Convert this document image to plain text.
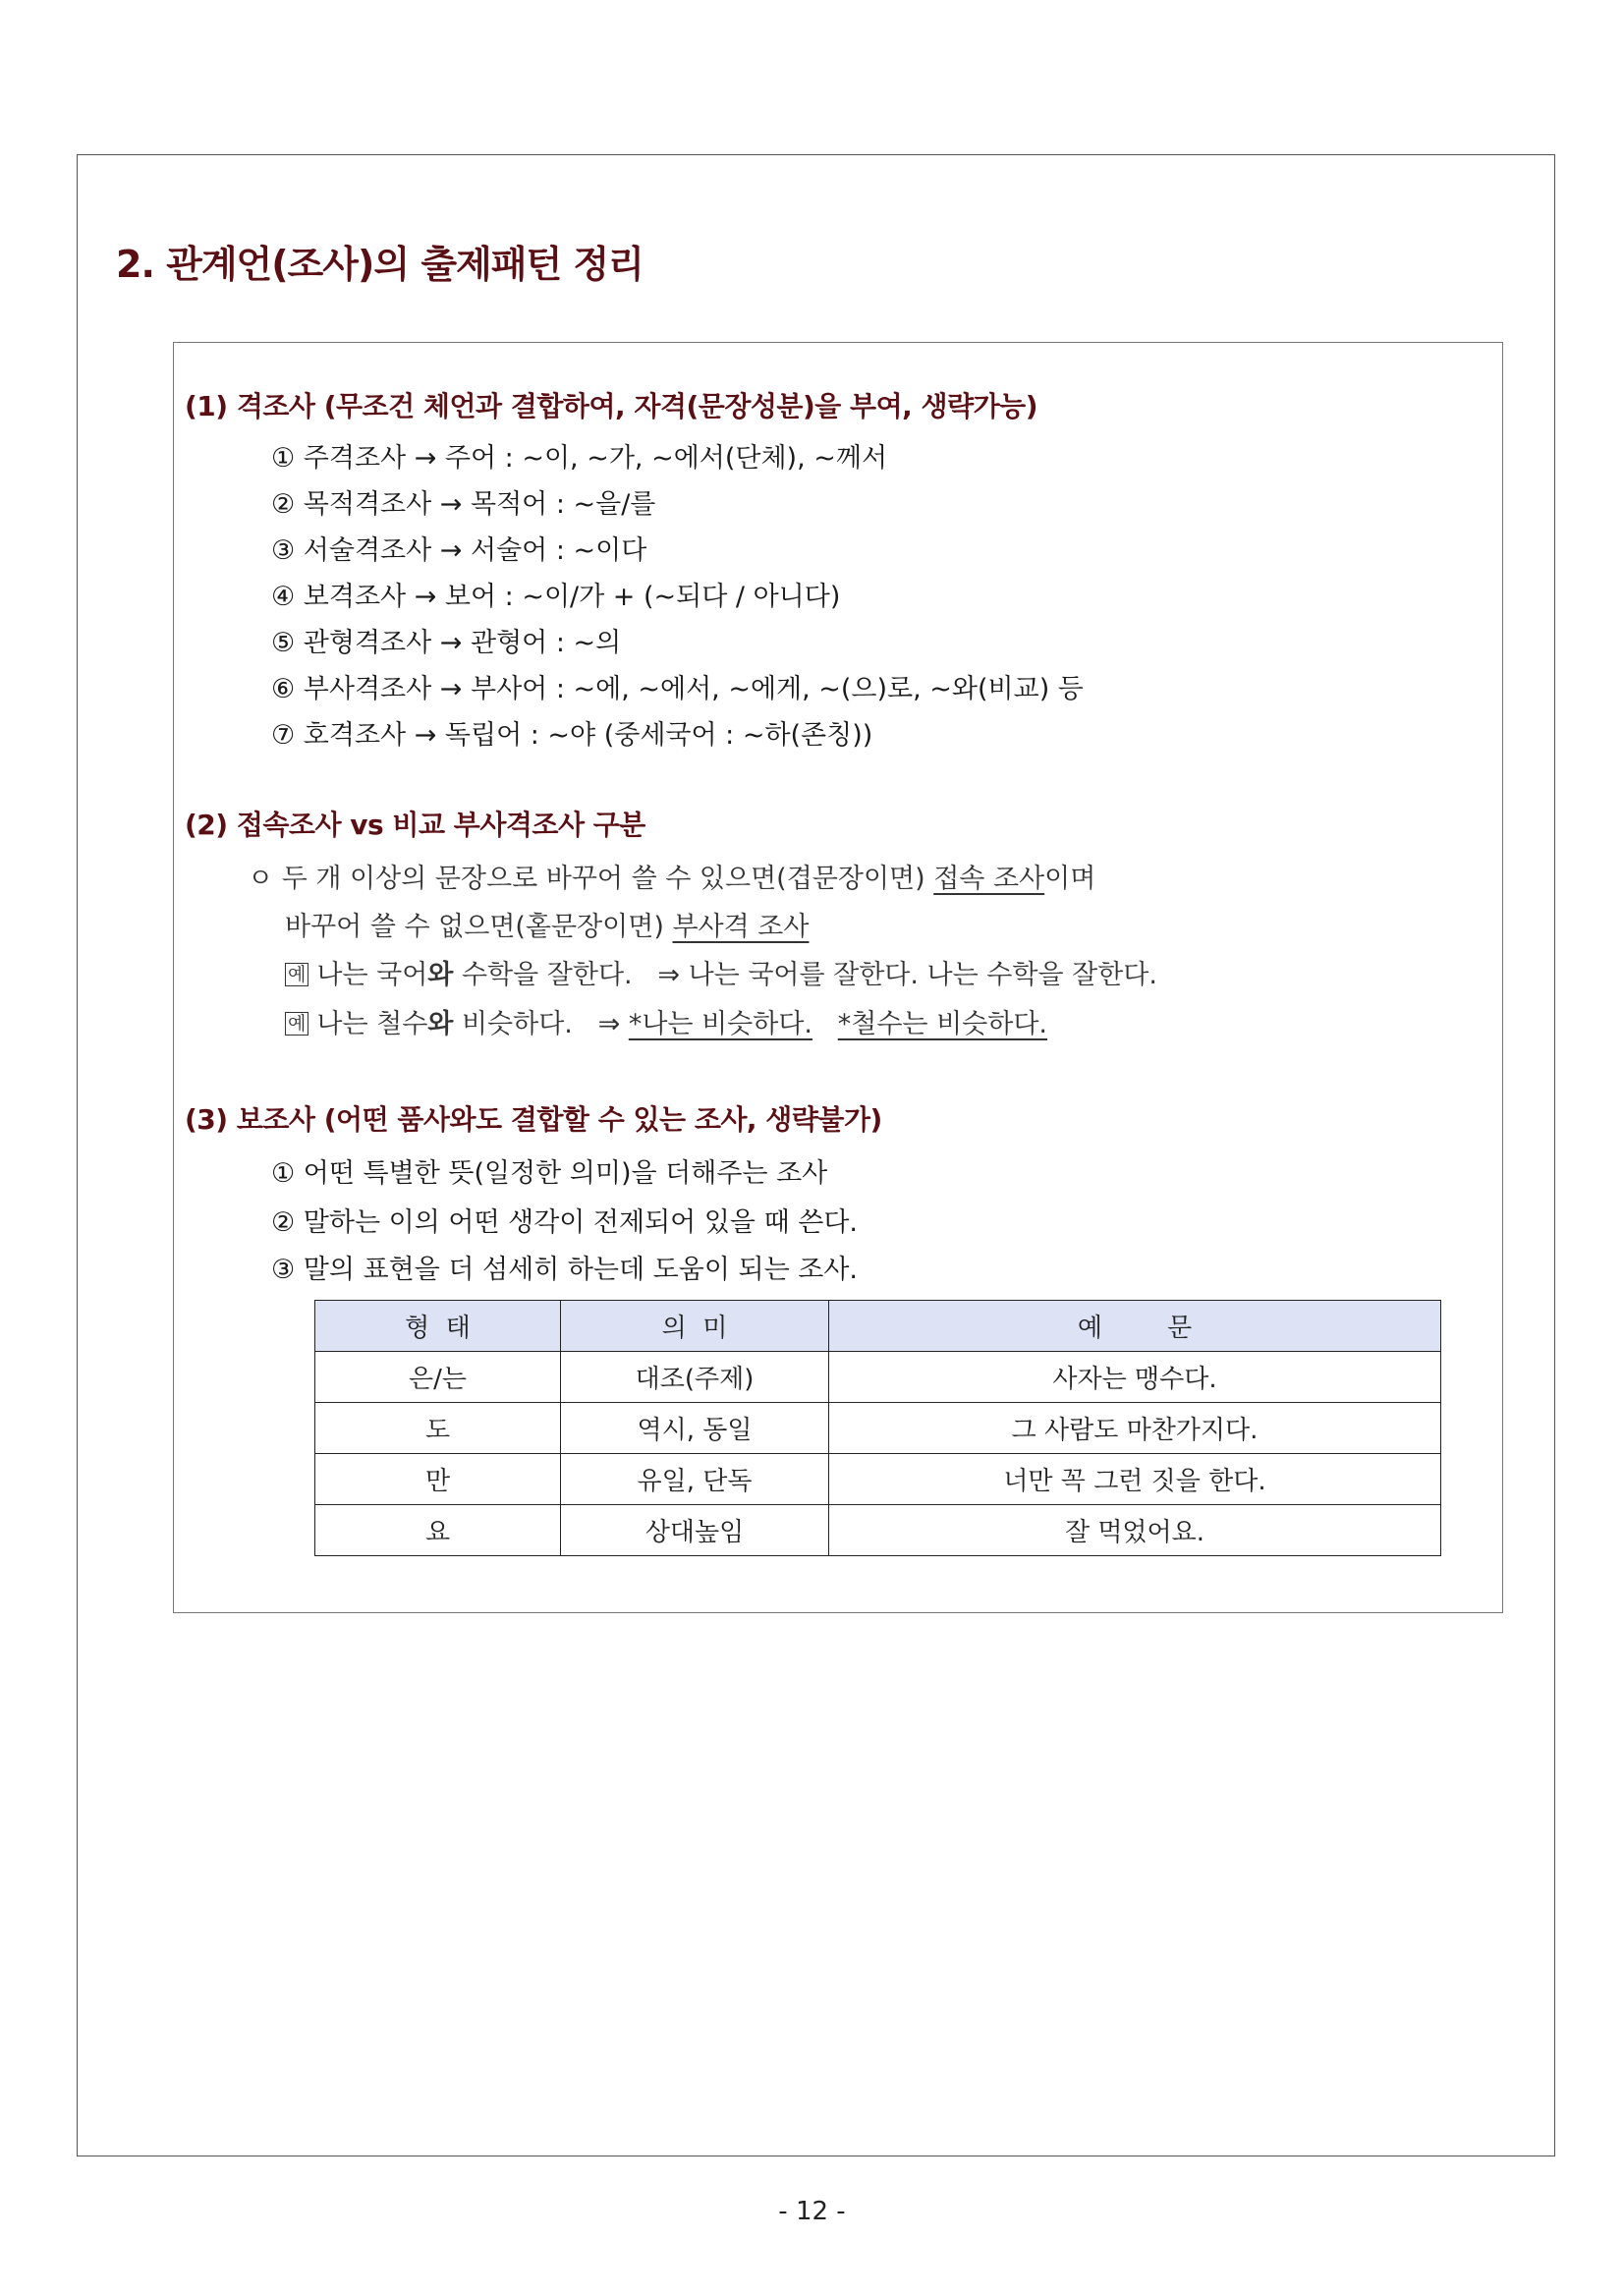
2. 관계언(조사)의 출제패턴 정리
(1) 격조사 (무조건 체언과 결합하여, 자격(문장성분)을 부여, 생략가능)
① 주격조사 → 주어 : ~이, ~가, ~에서(단체), ~께서
② 목적격조사 → 목적어 : ~을/를
③ 서술격조사 → 서술어 : ~이다
④ 보격조사 → 보어 : ~이/가 + (~되다 / 아니다)
⑤ 관형격조사 → 관형어 : ~의
⑥ 부사격조사 → 부사어 : ~에, ~에서, ~에게, ~(으)로, ~와(비교) 등
⑦ 호격조사 → 독립어 : ~야 (중세국어 : ~하(존칭))
(2) 접속조사 vs 비교 부사격조사 구분
ㅇ 두 개 이상의 문장으로 바꾸어 쓸 수 있으면(겹문장이면) 접속 조사이며
바꾸어 쓸 수 없으면(홑문장이면) 부사격 조사
예 나는 국어와 수학을 잘한다.   ⇒ 나는 국어를 잘한다. 나는 수학을 잘한다.
예 나는 철수와 비슷하다.   ⇒ *나는 비슷하다. *철수는 비슷하다.
(3) 보조사 (어떤 품사와도 결합할 수 있는 조사, 생략불가)
① 어떤 특별한 뜻(일정한 의미)을 더해주는 조사
② 말하는 이의 어떤 생각이 전제되어 있을 때 쓴다.
③ 말의 표현을 더 섬세히 하는데 도움이 되는 조사.
형  태	의  미	예        문
은/는	대조(주제)	사자는 맹수다.
도	역시, 동일	그 사람도 마찬가지다.
만	유일, 단독	너만 꼭 그런 짓을 한다.
요	상대높임	잘 먹었어요.
- 12 -
